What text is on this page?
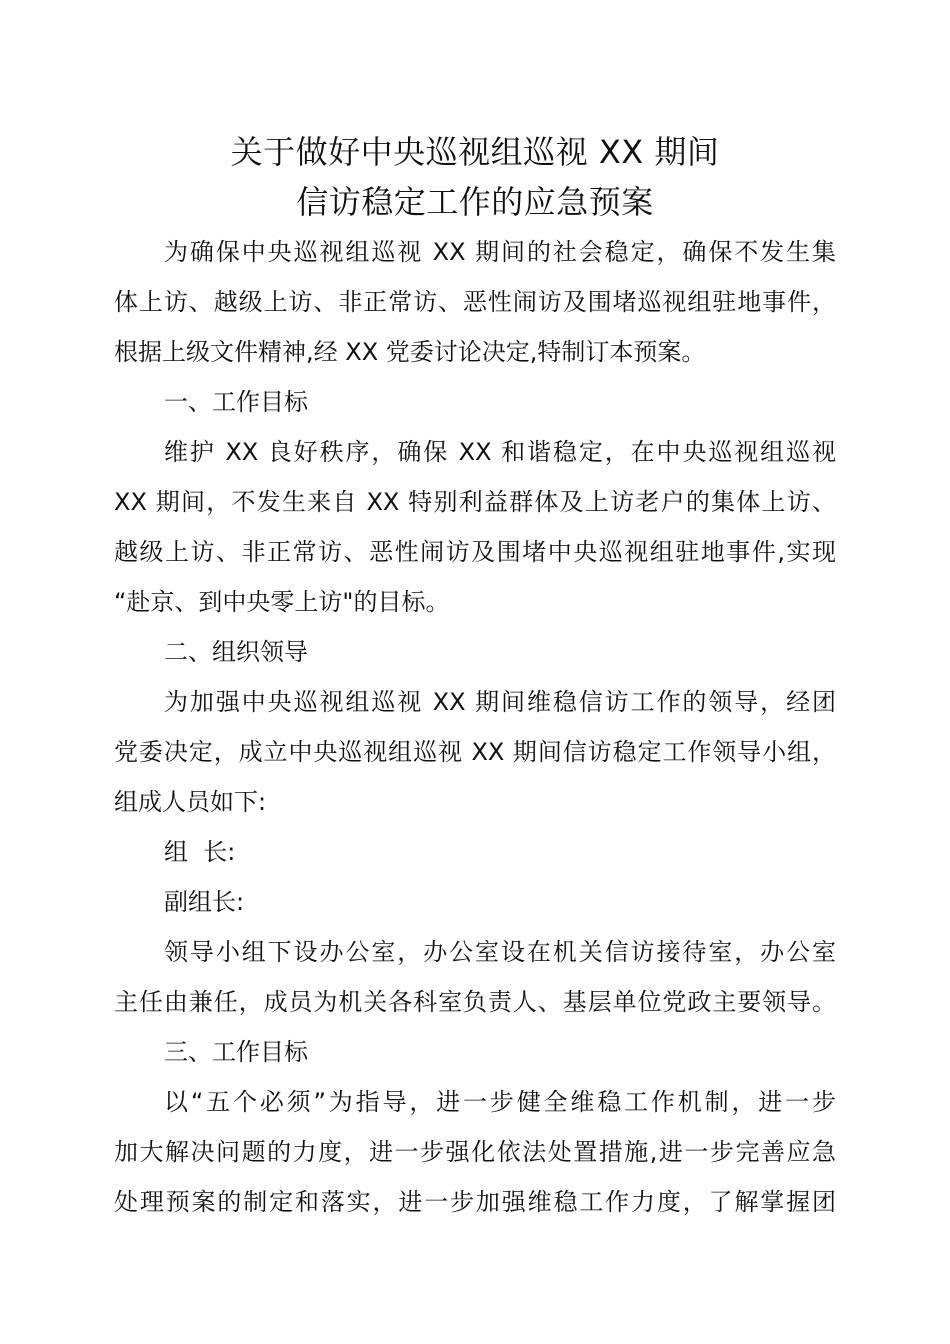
关于做好中央巡视组巡视 XX 期间
信访稳定工作的应急预案
为确保中央巡视组巡视 XX 期间的社会稳定，确保不发生集
体上访、越级上访、非正常访、恶性闹访及围堵巡视组驻地事件，
根据上级文件精神,经 XX 党委讨论决定,特制订本预案。
一、工作目标
维护 XX 良好秩序，确保 XX 和谐稳定，在中央巡视组巡视
XX 期间，不发生来自 XX 特别利益群体及上访老户的集体上访、
越级上访、非正常访、恶性闹访及围堵中央巡视组驻地事件,实现
“赴京、到中央零上访"的目标。
二、组织领导
为加强中央巡视组巡视 XX 期间维稳信访工作的领导，经团
党委决定，成立中央巡视组巡视 XX 期间信访稳定工作领导小组，
组成人员如下:
组  长:
副组长:
领导小组下设办公室，办公室设在机关信访接待室，办公室
主任由兼任，成员为机关各科室负责人、基层单位党政主要领导。
三、工作目标
以“五个必须”为指导，进一步健全维稳工作机制，进一步
加大解决问题的力度，进一步强化依法处置措施,进一步完善应急
处理预案的制定和落实，进一步加强维稳工作力度，了解掌握团
